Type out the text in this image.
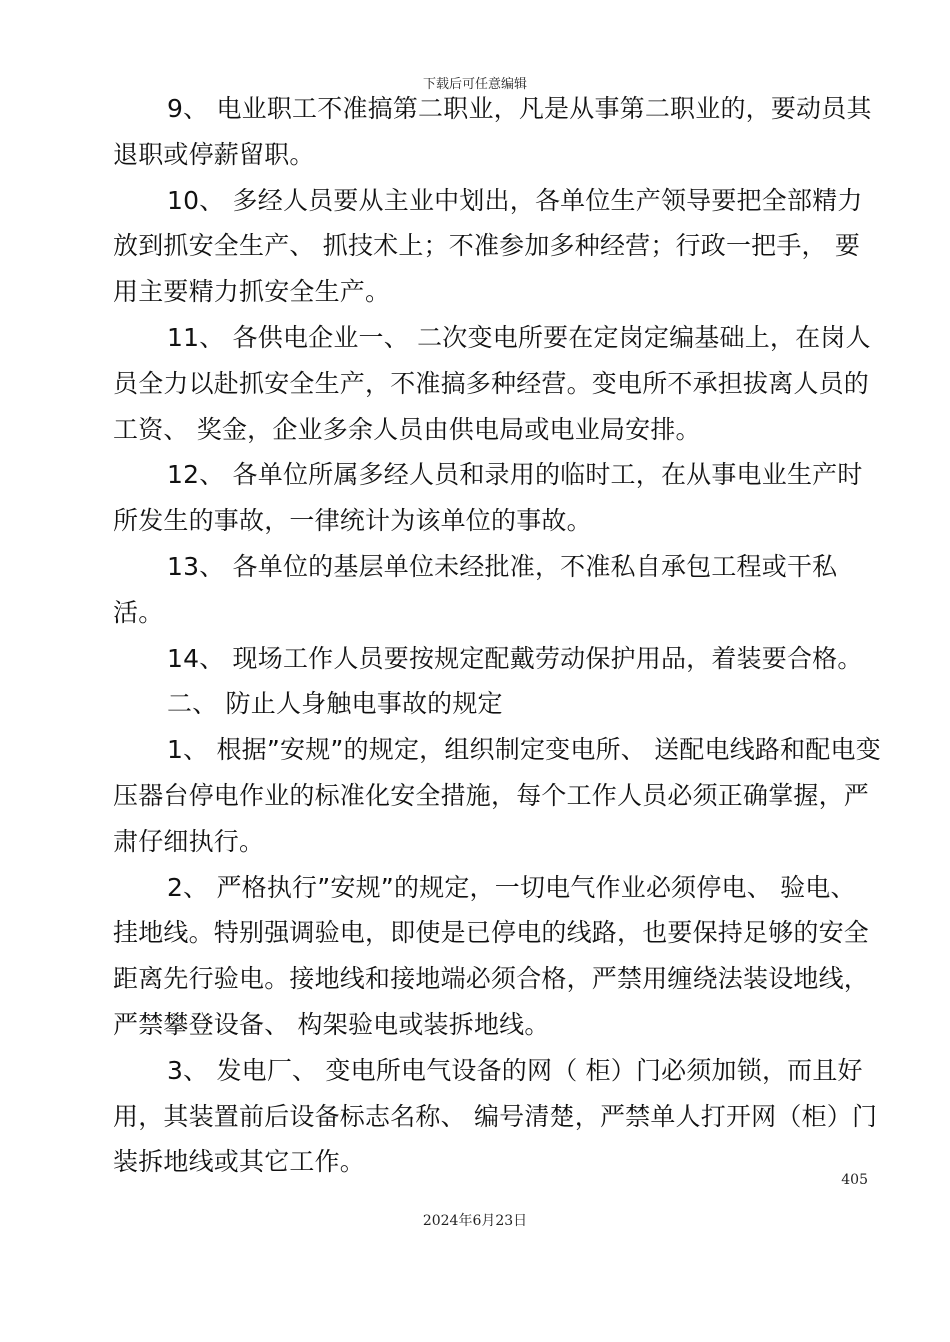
下载后可任意编辑

9、 电业职工不准搞第二职业，凡是从事第二职业的，要动员其退职或停薪留职。

10、 多经人员要从主业中划出，各单位生产领导要把全部精力放到抓安全生产、 抓技术上；不准参加多种经营；行政一把手， 要用主要精力抓安全生产。

11、 各供电企业一、 二次变电所要在定岗定编基础上，在岗人员全力以赴抓安全生产，不准搞多种经营。变电所不承担拔离人员的工资、 奖金，企业多余人员由供电局或电业局安排。

12、 各单位所属多经人员和录用的临时工，在从事电业生产时所发生的事故，一律统计为该单位的事故。

13、 各单位的基层单位未经批准，不准私自承包工程或干私活。

14、 现场工作人员要按规定配戴劳动保护用品，着装要合格。

二、 防止人身触电事故的规定

1、 根据”安规”的规定，组织制定变电所、 送配电线路和配电变压器台停电作业的标准化安全措施，每个工作人员必须正确掌握，严肃仔细执行。

2、 严格执行”安规”的规定，一切电气作业必须停电、 验电、 挂地线。特别强调验电，即使是已停电的线路，也要保持足够的安全距离先行验电。接地线和接地端必须合格，严禁用缠绕法装设地线，严禁攀登设备、 构架验电或装拆地线。

3、 发电厂、 变电所电气设备的网（ 柜）门必须加锁，而且好用，其装置前后设备标志名称、 编号清楚，严禁单人打开网（柜）门装拆地线或其它工作。

405
2024年6月23日
